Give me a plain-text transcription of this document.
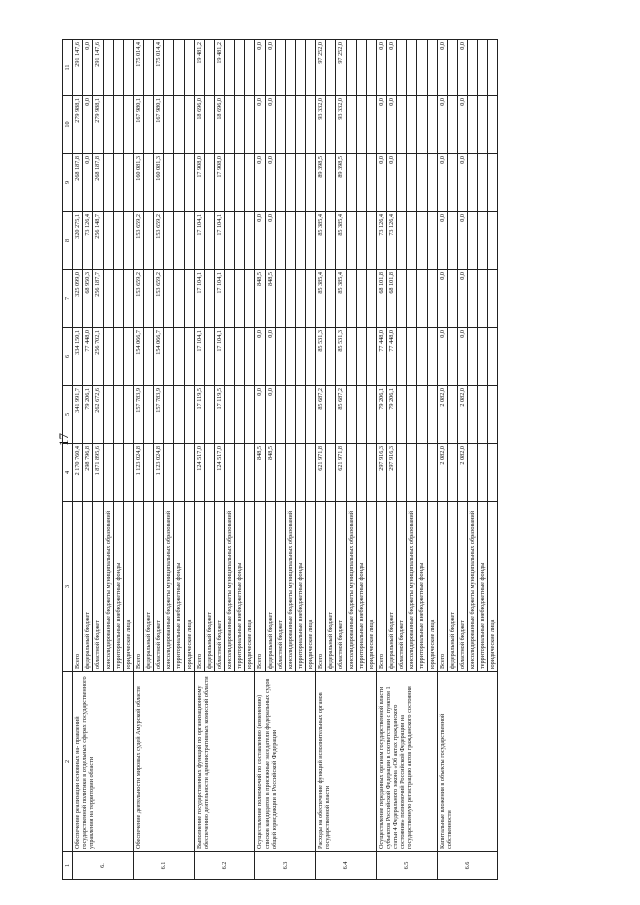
17
1	2	3	4	5	6	7	8	9	10	11
6.	Обеспечение реализации основных на- правлений государственной политики в отдельных сферах государственного управления на территории области	Всего	2 170 760,4	341 991,7	334 150,1	325 099,0	320 275,1	268 187,8	279 988,1	291 147,6
		федеральный бюджет	298 796,8	79 206,1	77 448,0	68 950,3	73 126,4	0,0	0,0	0,0
		областной бюджет	1 871 895,6	262 672,6	256 702,1	256 187,7	256 148,7	268 187,8	279 988,1	291 147,6
		консолидированные бюджеты муниципальных образований								
		территориальные внебюджетные фонды								
		юридические лица								
6.1	Обеспечение деятельности мировых судей Амурской области	Всего	1 123 024,8	157 783,9	154 066,7	153 659,2	153 659,2	160 081,3	167 980,1	175 014,4
		федеральный бюджет								
		областной бюджет	1 123 024,8	157 783,9	154 066,7	153 659,2	153 659,2	160 081,3	167 980,1	175 014,4
		консолидированные бюджеты муниципальных образований								
		территориальные внебюджетные фонды								
		юридические лица								
6.2	Выполнение государственных функций по организационному обеспечению деятельности административных комиссий области	Всего	124 517,0	17 119,5	17 104,1	17 104,1	17 104,1	17 908,0	18 696,0	19 481,2
		федеральный бюджет								
		областной бюджет	124 517,0	17 119,5	17 104,1	17 104,1	17 104,1	17 908,0	18 696,0	19 481,2
		консолидированные бюджеты муниципальных образований								
		территориальные внебюджетные фонды								
		юридические лица								
6.3	Осуществление полномочий по составлению (изменению) списков кандидатов в присяжные заседатели федеральных судов общей юрисдикции в Российской Федерации	Всего	848,5	0,0	0,0	848,5	0,0	0,0	0,0	0,0
		федеральный бюджет	848,5	0,0	0,0	848,5	0,0	0,0	0,0	0,0
		областной бюджет								
		консолидированные бюджеты муниципальных образований								
		территориальные внебюджетные фонды								
		юридические лица								
6.4	Расходы на обеспечение функций исполнительных органов государственной власти	Всего	621 971,8	85 687,2	85 531,3	85 385,4	85 385,4	89 398,5	93 332,0	97 252,0
		федеральный бюджет								
		областной бюджет	621 971,8	85 687,2	85 531,3	85 385,4	85 385,4	89 398,5	93 332,0	97 252,0
		консолидированные бюджеты муниципальных образований								
		территориальные внебюджетные фонды								
		юридические лица								
6.5	Осуществление переданных органам государственной власти субъектов Российской Федерации в соответствии с пунктом 1 статьи 4 Федерального закона «Об актах гражданского состояния» полномочий Российской Федерации на государственную регистрацию актов гражданского состояния	Всего	297 916,3	79 206,1	77 448,0	68 101,8	73 126,4	0,0	0,0	0,0
		федеральный бюджет	297 916,3	79 206,1	77 448,0	68 101,8	73 126,4	0,0	0,0	0,0
		областной бюджет								
		консолидированные бюджеты муниципальных образований								
		территориальные внебюджетные фонды								
		юридические лица								
6.6	Капитальные вложения в объекты государственной собственности	Всего	2 082,0	2 082,0	0,0	0,0	0,0	0,0	0,0	0,0
		федеральный бюджет								
		областной бюджет	2 082,0	2 082,0	0,0	0,0	0,0	0,0	0,0	0,0
		консолидированные бюджеты муниципальных образований								
		территориальные внебюджетные фонды								
		юридические лица								
